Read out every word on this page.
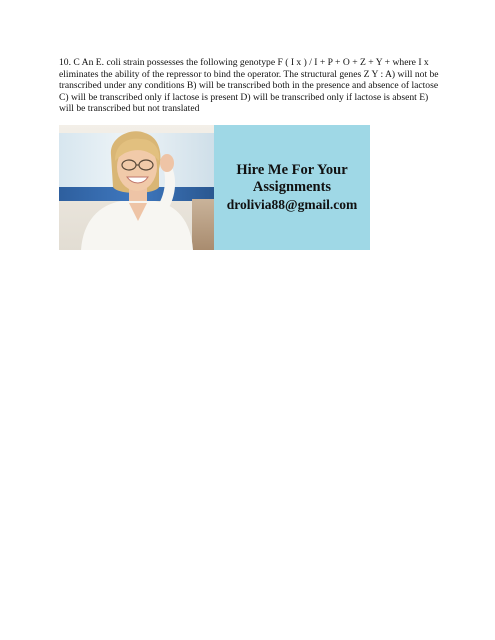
10. C An E. coli strain possesses the following genotype F ( I x ) / I + P + O + Z + Y + where I x eliminates the ability of the repressor to bind the operator. The structural genes Z Y : A) will not be transcribed under any conditions B) will be transcribed both in the presence and absence of lactose C) will be transcribed only if lactose is present D) will be transcribed only if lactose is absent E) will be transcribed but not translated

Hire Me For Your
Assignments
drolivia88@gmail.com
